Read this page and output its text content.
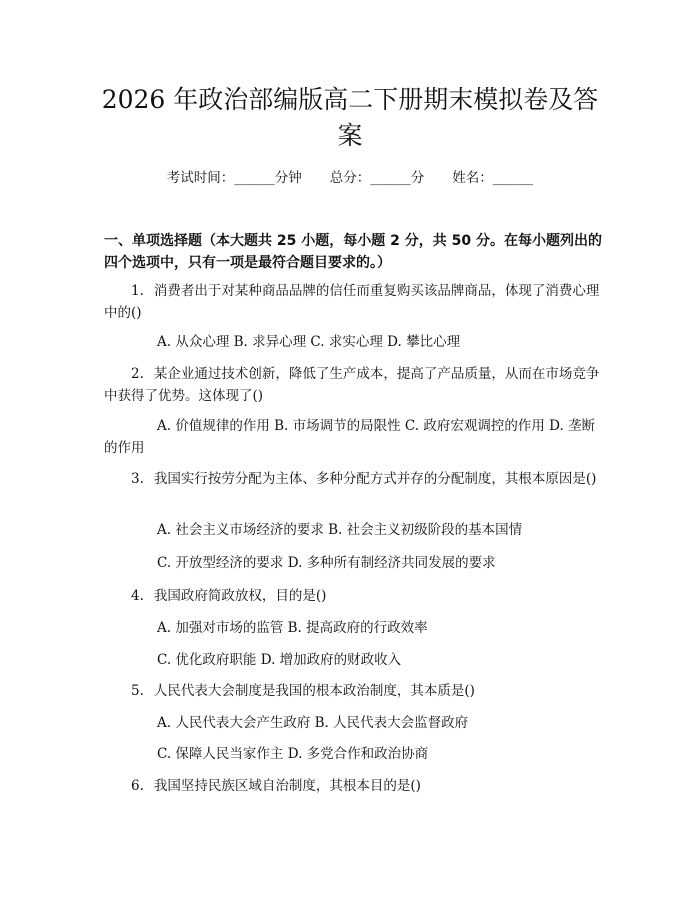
2026 年政治部编版高二下册期末模拟卷及答案
考试时间：______分钟 总分：______分 姓名：______
一、单项选择题（本大题共 25 小题，每小题 2 分，共 50 分。在每小题列出的四个选项中，只有一项是最符合题目要求的。）
1. 消费者出于对某种商品品牌的信任而重复购买该品牌商品，体现了消费心理中的()
A. 从众心理 B. 求异心理 C. 求实心理 D. 攀比心理
2. 某企业通过技术创新，降低了生产成本，提高了产品质量，从而在市场竞争中获得了优势。这体现了()
A. 价值规律的作用 B. 市场调节的局限性 C. 政府宏观调控的作用 D. 垄断的作用
3. 我国实行按劳分配为主体、多种分配方式并存的分配制度，其根本原因是()
A. 社会主义市场经济的要求 B. 社会主义初级阶段的基本国情
C. 开放型经济的要求 D. 多种所有制经济共同发展的要求
4. 我国政府简政放权，目的是()
A. 加强对市场的监管 B. 提高政府的行政效率
C. 优化政府职能 D. 增加政府的财政收入
5. 人民代表大会制度是我国的根本政治制度，其本质是()
A. 人民代表大会产生政府 B. 人民代表大会监督政府
C. 保障人民当家作主 D. 多党合作和政治协商
6. 我国坚持民族区域自治制度，其根本目的是()
